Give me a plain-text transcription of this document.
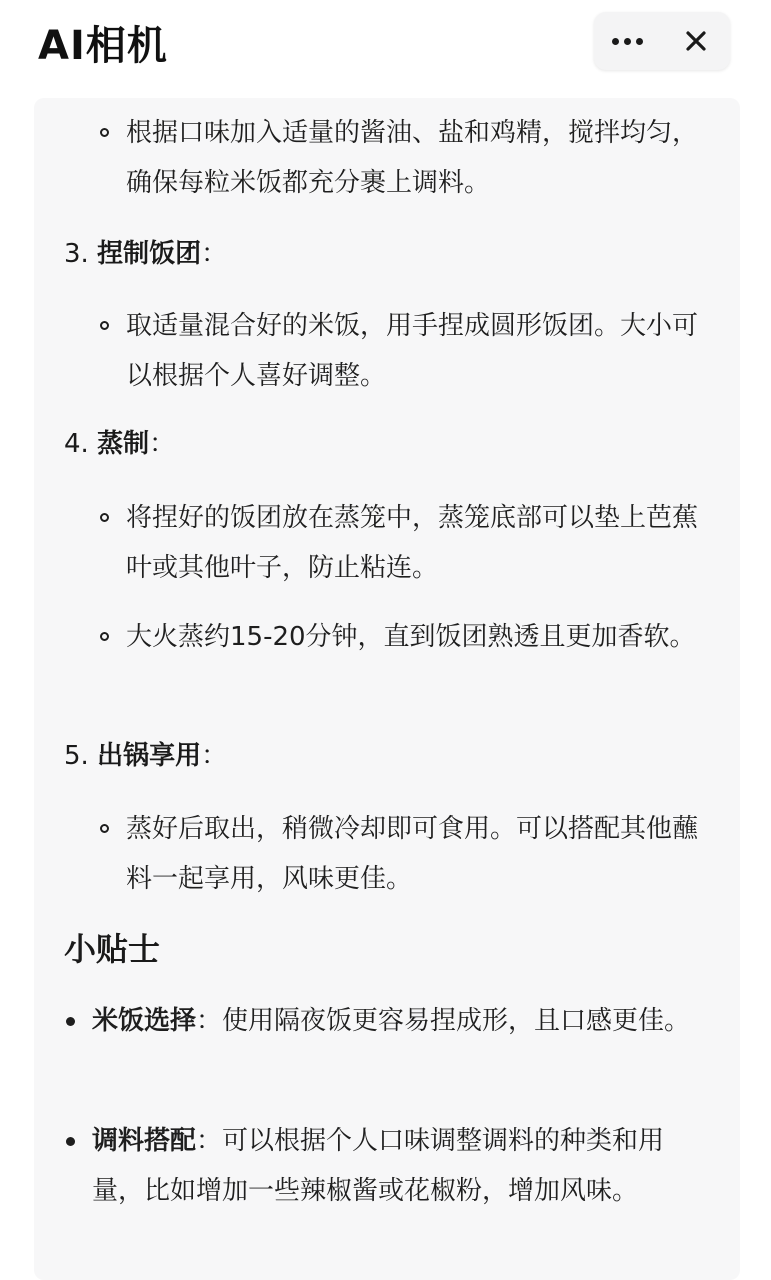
AI相机
根据口味加入适量的酱油、盐和鸡精，搅拌均匀，确保每粒米饭都充分裹上调料。
3. 捏制饭团：
取适量混合好的米饭，用手捏成圆形饭团。大小可以根据个人喜好调整。
4. 蒸制：
将捏好的饭团放在蒸笼中，蒸笼底部可以垫上芭蕉叶或其他叶子，防止粘连。
大火蒸约15-20分钟，直到饭团熟透且更加香软。
5. 出锅享用：
蒸好后取出，稍微冷却即可食用。可以搭配其他蘸料一起享用，风味更佳。
小贴士
米饭选择：使用隔夜饭更容易捏成形，且口感更佳。
调料搭配：可以根据个人口味调整调料的种类和用量，比如增加一些辣椒酱或花椒粉，增加风味。
